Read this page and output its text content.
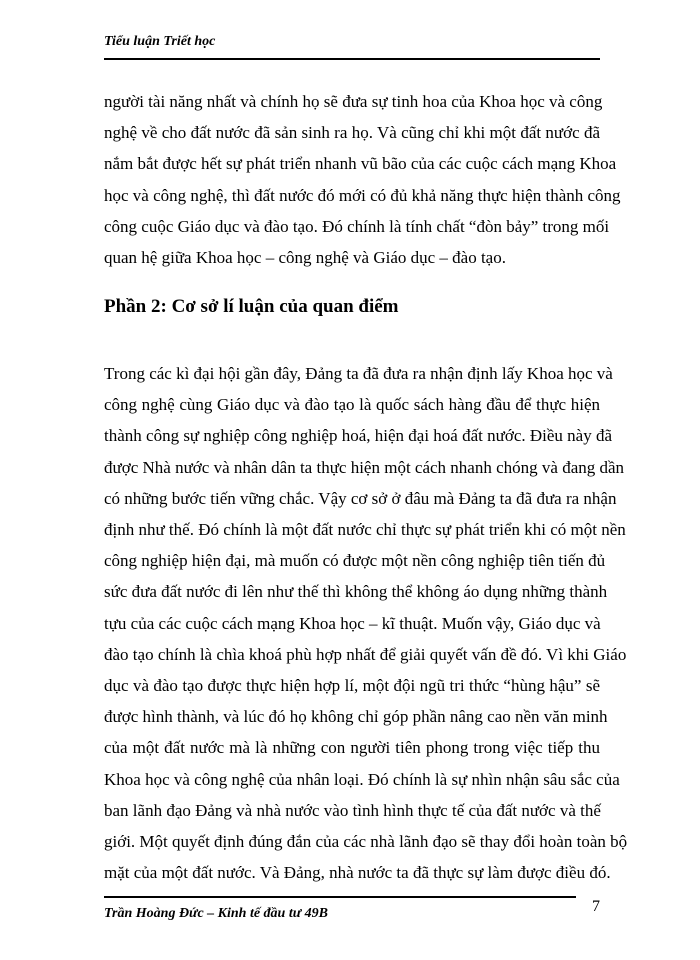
Tiểu luận Triết học
người tài năng nhất và chính họ sẽ đưa sự tinh hoa của Khoa học và công
nghệ về cho đất nước đã sản sinh ra họ. Và cũng chỉ khi một đất nước đã
nắm bắt được hết sự phát triển nhanh vũ bão của các cuộc cách mạng Khoa
học và công nghệ, thì đất nước đó mới có đủ khả năng thực hiện thành công
công cuộc Giáo dục và đào tạo. Đó chính là tính chất “đòn bảy” trong mối
quan hệ giữa Khoa học – công nghệ và Giáo dục – đào tạo.
Phần 2: Cơ sở lí luận của quan điểm
Trong các kì đại hội gần đây, Đảng ta đã đưa ra nhận định lấy Khoa học và
công nghệ cùng Giáo dục và đào tạo là quốc sách hàng đầu để thực hiện
thành công sự nghiệp công nghiệp hoá, hiện đại hoá đất nước. Điều này đã
được Nhà nước và nhân dân ta thực hiện một cách nhanh chóng và đang dần
có những bước tiến vững chắc. Vậy cơ sở ở đâu mà Đảng ta đã đưa ra nhận
định như thế. Đó chính là một đất nước chỉ thực sự phát triển khi có một nền
công nghiệp hiện đại, mà muốn có được một nền công nghiệp tiên tiến đủ
sức đưa đất nước đi lên như thế thì không thể không áo dụng những thành
tựu của các cuộc cách mạng Khoa học – kĩ thuật. Muốn vậy, Giáo dục và
đào tạo chính là chìa khoá phù hợp nhất để giải quyết vấn đề đó. Vì khi Giáo
dục và đào tạo được thực hiện hợp lí, một đội ngũ tri thức “hùng hậu” sẽ
được hình thành, và lúc đó họ không chỉ góp phần nâng cao nền văn minh
của một đất nước mà là những con người tiên phong trong việc tiếp thu
Khoa học và công nghệ của nhân loại. Đó chính là sự nhìn nhận sâu sắc của
ban lãnh đạo Đảng và nhà nước vào tình hình thực tế của đất nước và thế
giới. Một quyết định đúng đắn của các nhà lãnh đạo sẽ thay đổi hoàn toàn bộ
mặt của một đất nước. Và Đảng, nhà nước ta đã thực sự làm được điều đó.
Trần Hoàng Đức – Kinh tế đầu tư 49B	7
